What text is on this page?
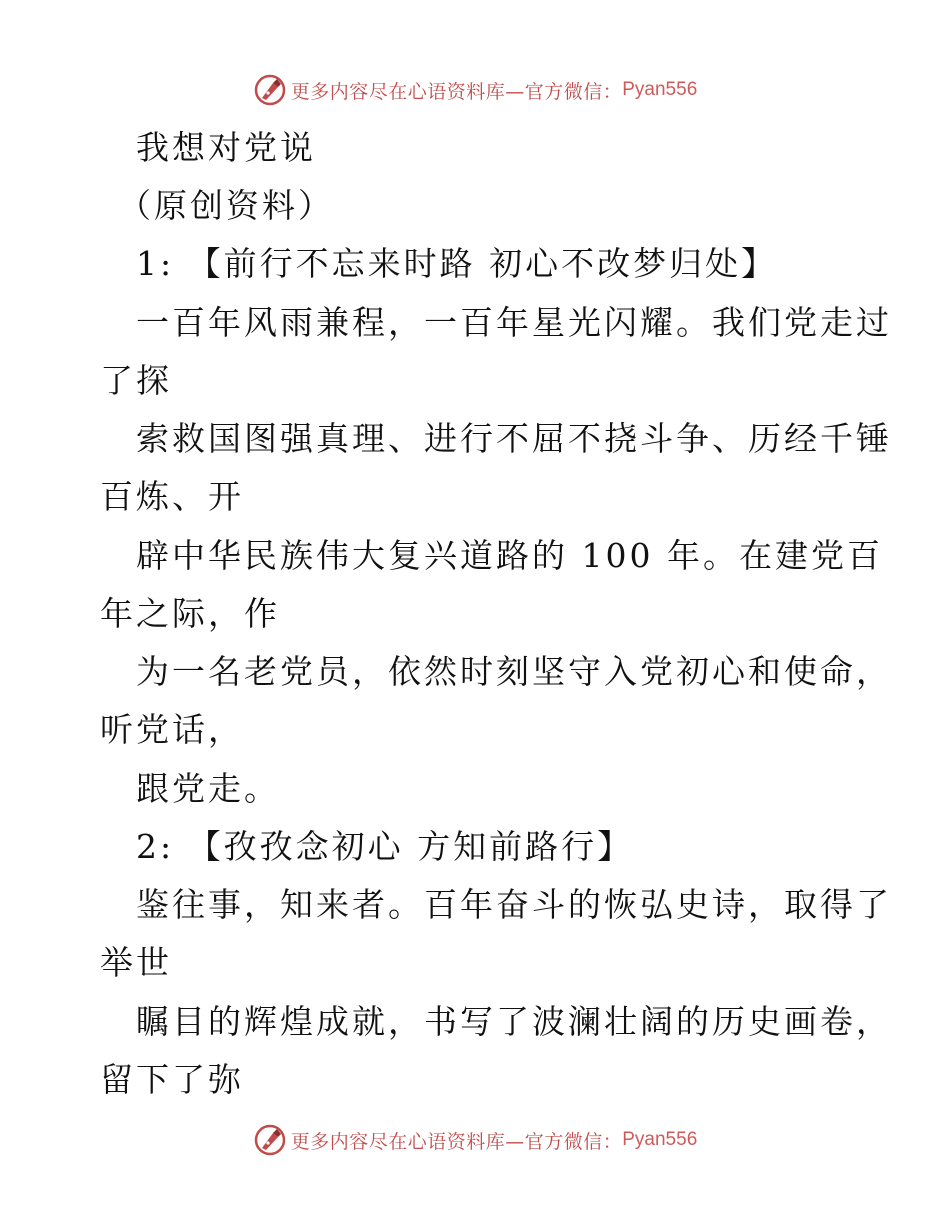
更多内容尽在心语资料库—官方微信： Pyan556
我想对党说
（原创资料）
1: 【前行不忘来时路 初心不改梦归处】
一百年风雨兼程，一百年星光闪耀。我们党走过
了探
索救国图强真理、进行不屈不挠斗争、历经千锤
百炼、开
辟中华民族伟大复兴道路的 100 年。在建党百
年之际，作
为一名老党员，依然时刻坚守入党初心和使命，
听党话，
跟党走。
2: 【孜孜念初心 方知前路行】
鉴往事，知来者。百年奋斗的恢弘史诗，取得了
举世
瞩目的辉煌成就，书写了波澜壮阔的历史画卷，
留下了弥
更多内容尽在心语资料库—官方微信： Pyan556
